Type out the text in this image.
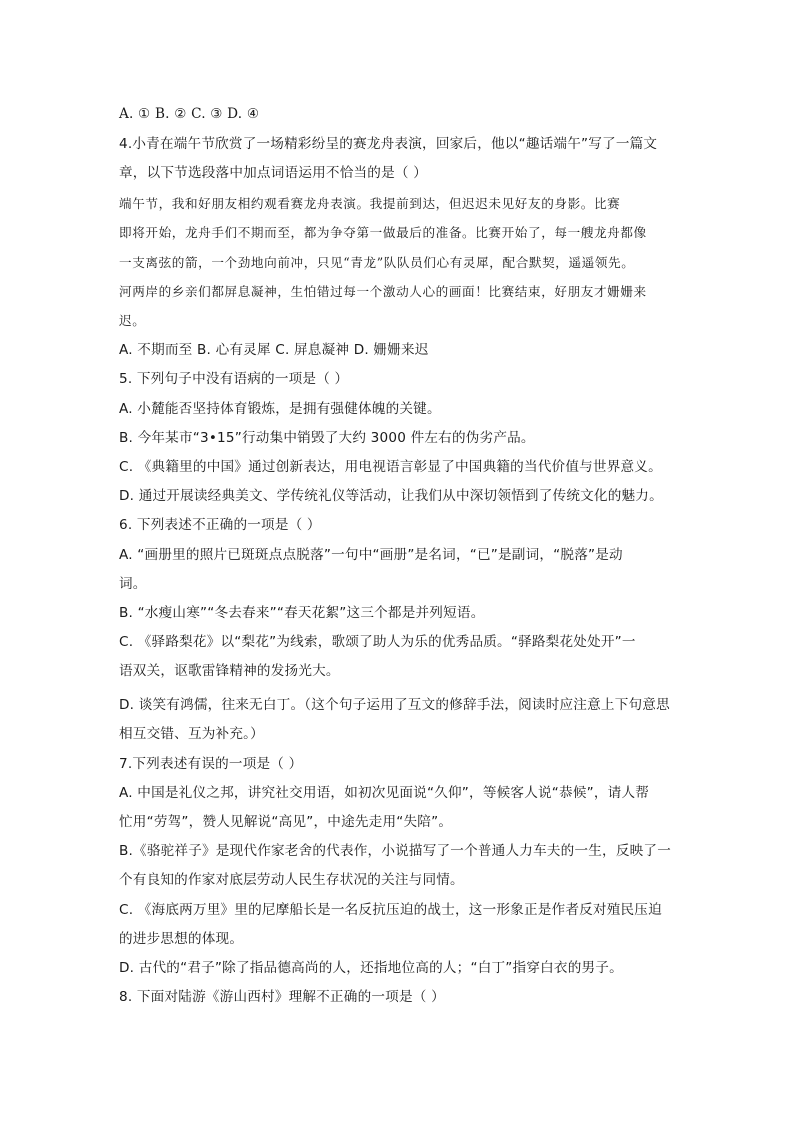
A. ① B. ② C. ③ D. ④
4.小青在端午节欣赏了一场精彩纷呈的赛龙舟表演，回家后，他以“趣话端午”写了一篇文
章，以下节选段落中加点词语运用不恰当的是（ ）
端午节，我和好朋友相约观看赛龙舟表演。我提前到达，但迟迟未见好友的身影。比赛
即将开始，龙舟手们不期而至，都为争夺第一做最后的准备。比赛开始了，每一艘龙舟都像
一支离弦的箭，一个劲地向前冲，只见“青龙”队队员们心有灵犀，配合默契，遥遥领先。
河两岸的乡亲们都屏息凝神，生怕错过每一个激动人心的画面！比赛结束，好朋友才姗姗来
迟。
A. 不期而至 B. 心有灵犀 C. 屏息凝神 D. 姗姗来迟
5. 下列句子中没有语病的一项是（ ）
A. 小麓能否坚持体育锻炼，是拥有强健体魄的关键。
B. 今年某市“3•15”行动集中销毁了大约 3000 件左右的伪劣产品。
C. 《典籍里的中国》通过创新表达，用电视语言彰显了中国典籍的当代价值与世界意义。
D. 通过开展读经典美文、学传统礼仪等活动，让我们从中深切领悟到了传统文化的魅力。
6. 下列表述不正确的一项是（ ）
A. “画册里的照片已斑斑点点脱落”一句中“画册”是名词，“已”是副词，“脱落”是动
词。
B. “水瘦山寒”“冬去春来”“春天花絮”这三个都是并列短语。
C. 《驿路梨花》以“梨花”为线索，歌颂了助人为乐的优秀品质。“驿路梨花处处开”一
语双关，讴歌雷锋精神的发扬光大。
D. 谈笑有鸿儒，往来无白丁。（这个句子运用了互文的修辞手法，阅读时应注意上下句意思
相互交错、互为补充。）
7.下列表述有误的一项是（ ）
A. 中国是礼仪之邦，讲究社交用语，如初次见面说“久仰”，等候客人说“恭候”，请人帮
忙用“劳驾”，赞人见解说“高见”，中途先走用“失陪”。
B.《骆驼祥子》是现代作家老舍的代表作，小说描写了一个普通人力车夫的一生，反映了一
个有良知的作家对底层劳动人民生存状况的关注与同情。
C. 《海底两万里》里的尼摩船长是一名反抗压迫的战士，这一形象正是作者反对殖民压迫
的进步思想的体现。
D. 古代的“君子”除了指品德高尚的人，还指地位高的人；“白丁”指穿白衣的男子。
8. 下面对陆游《游山西村》理解不正确的一项是（ ）
